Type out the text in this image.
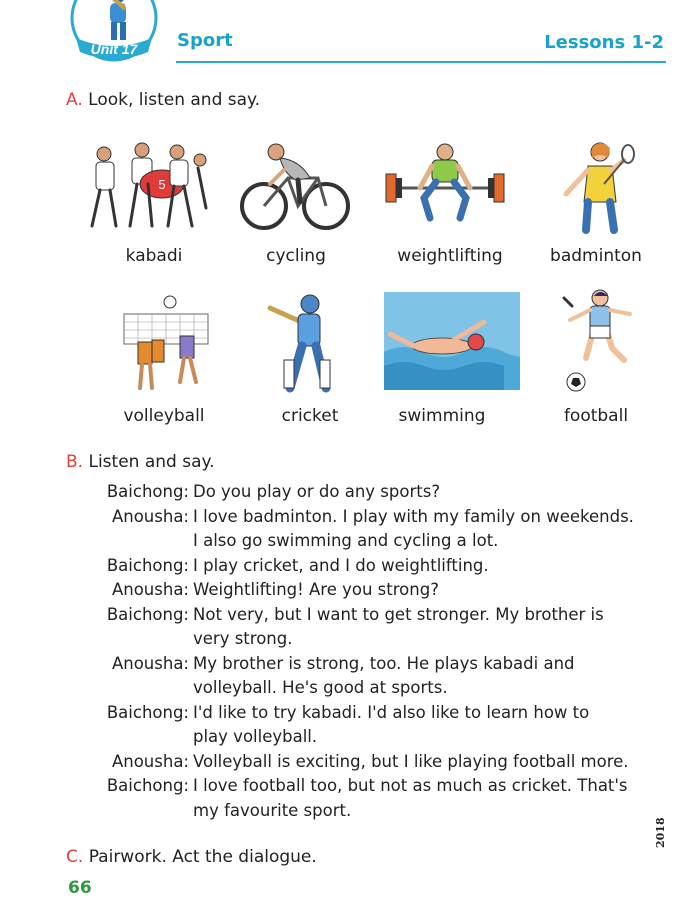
Unit 17 Sport	Lessons 1-2
A. Look, listen and say.
5
kabadi	cycling	weightlifting	badminton
volleyball	cricket	swimming	football
B. Listen and say.
Baichong: Do you play or do any sports?
Anousha: I love badminton. I play with my family on weekends.
I also go swimming and cycling a lot.
Baichong: I play cricket, and I do weightlifting.
Anousha: Weightlifting! Are you strong?
Baichong: Not very, but I want to get stronger. My brother is
very strong.
Anousha: My brother is strong, too. He plays kabadi and
volleyball. He's good at sports.
Baichong: I'd like to try kabadi. I'd also like to learn how to
play volleyball.
Anousha: Volleyball is exciting, but I like playing football more.
Baichong: I love football too, but not as much as cricket. That's
my favourite sport.
C. Pairwork. Act the dialogue.
66
2018
